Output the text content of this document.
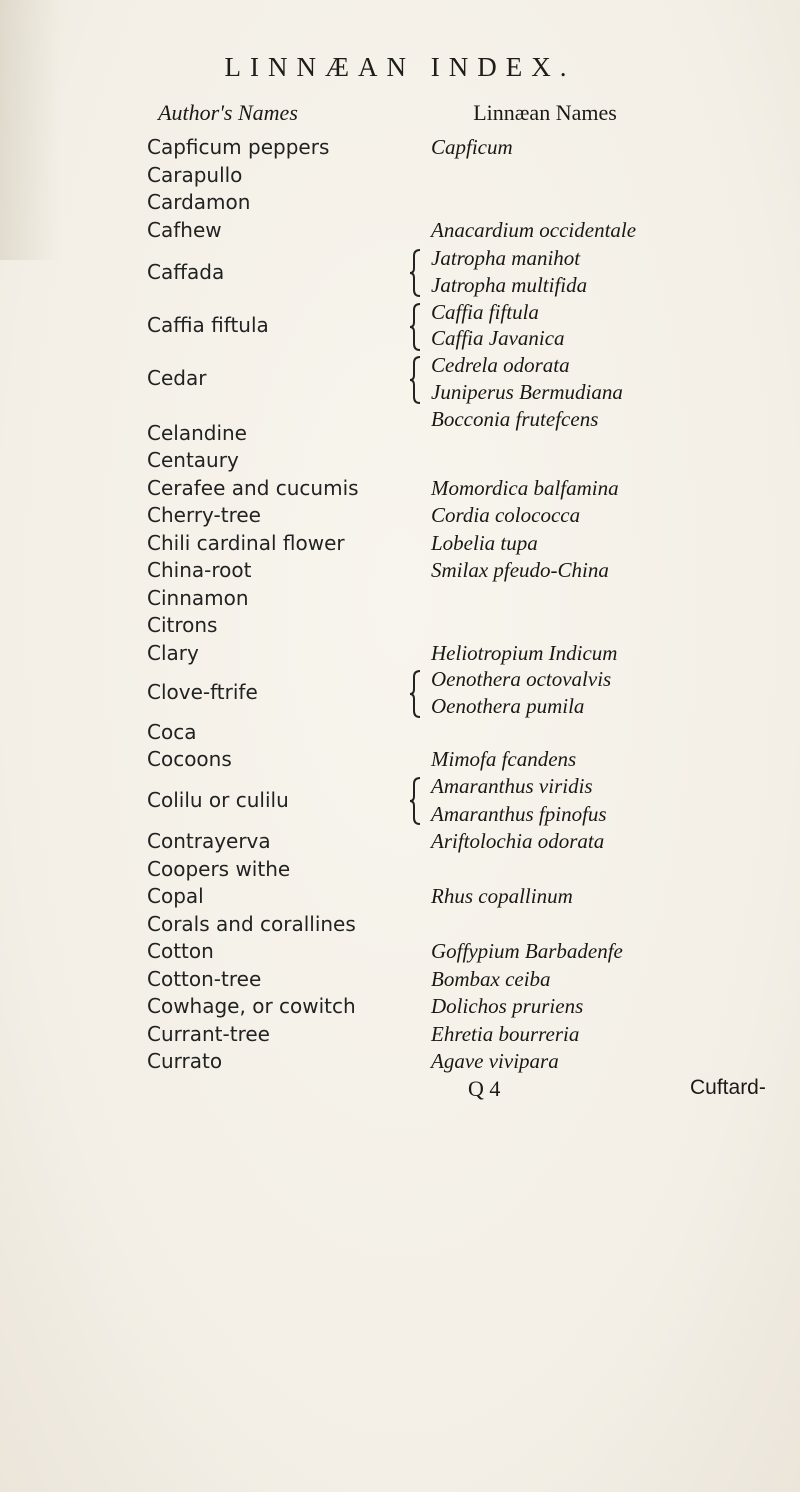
LINNÆAN INDEX.
Author's Names	Linnæan Names
Capficum peppers
Carapullo
Cardamon
Cafhew
Caffada
Caffia fiftula
Cedar
Celandine
Centaury
Cerafee and cucumis
Cherry-tree
Chili cardinal flower
China-root
Cinnamon
Citrons
Clary
Clove-ftrife
Coca
Cocoons
Colilu or culilu
Contrayerva
Coopers withe
Copal
Corals and corallines
Cotton
Cotton-tree
Cowhage, or cowitch
Currant-tree
Currato
Capficum
Anacardium occidentale
Jatropha manihot
Jatropha multifida
Caffia fiftula
Caffia Javanica
Cedrela odorata
Juniperus Bermudiana
Bocconia frutefcens
Momordica balfamina
Cordia colococca
Lobelia tupa
Smilax pfeudo-China
Heliotropium Indicum
Oenothera octovalvis
Oenothera pumila
Mimofa fcandens
Amaranthus viridis
Amaranthus fpinofus
Ariftolochia odorata
Rhus copallinum
Goffypium Barbadenfe
Bombax ceiba
Dolichos pruriens
Ehretia bourreria
Agave vivipara
Q 4	Cuftard-
